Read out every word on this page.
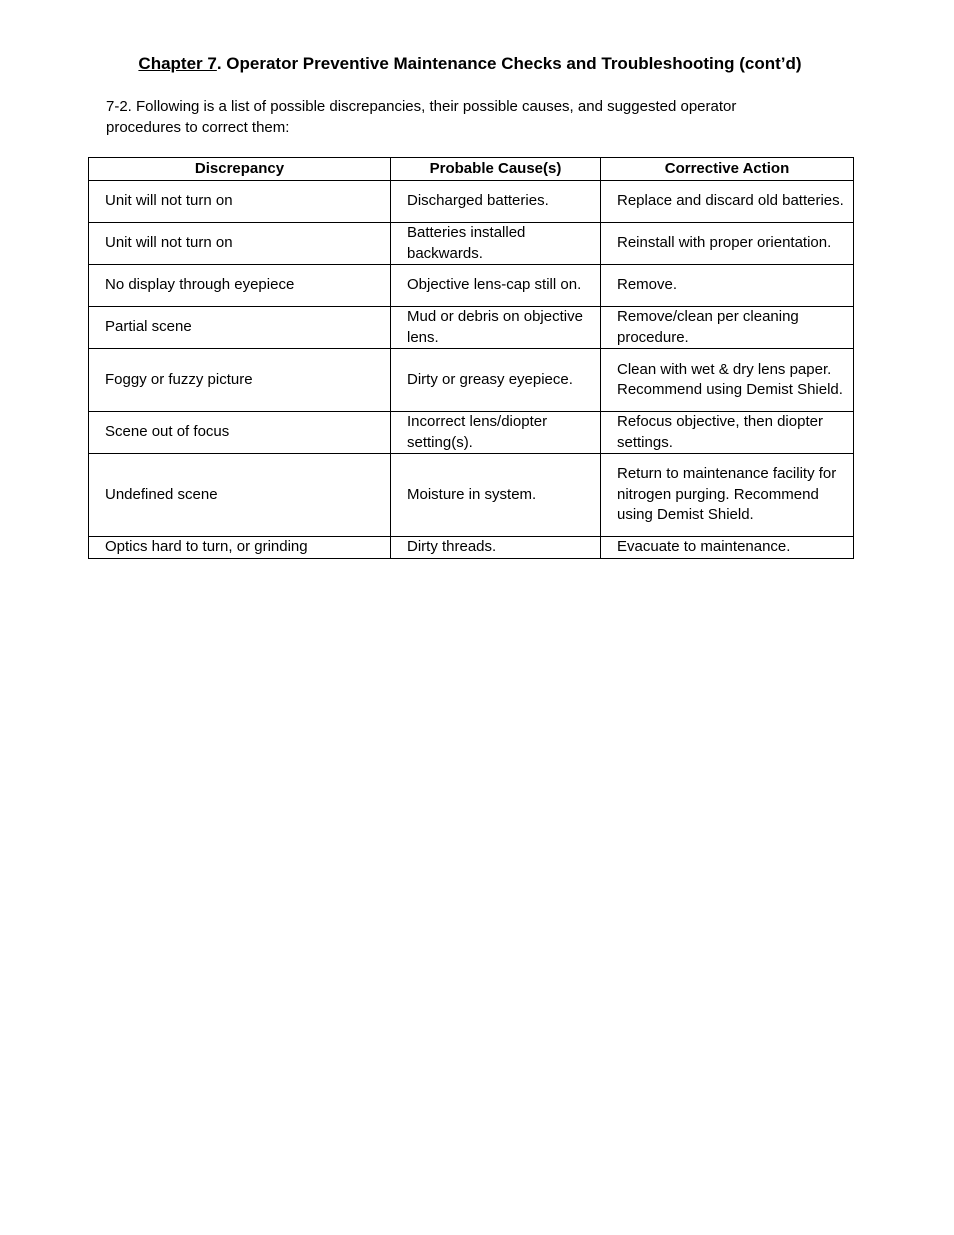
Chapter 7. Operator Preventive Maintenance Checks and Troubleshooting (cont’d)
7-2. Following is a list of possible discrepancies, their possible causes, and suggested operator procedures to correct them:
Discrepancy	Probable Cause(s)	Corrective Action
Unit will not turn on	Discharged batteries.	Replace and discard old batteries.
Unit will not turn on	Batteries installed backwards.	Reinstall with proper orientation.
No display through eyepiece	Objective lens-cap still on.	Remove.
Partial scene	Mud or debris on objective lens.	Remove/clean per cleaning procedure.
Foggy or fuzzy picture	Dirty or greasy eyepiece.	Clean with wet & dry lens paper. Recommend using Demist Shield.
Scene out of focus	Incorrect lens/diopter setting(s).	Refocus objective, then diopter settings.
Undefined scene	Moisture in system.	Return to maintenance facility for nitrogen purging. Recommend using Demist Shield.
Optics hard to turn, or grinding	Dirty threads.	Evacuate to maintenance.
